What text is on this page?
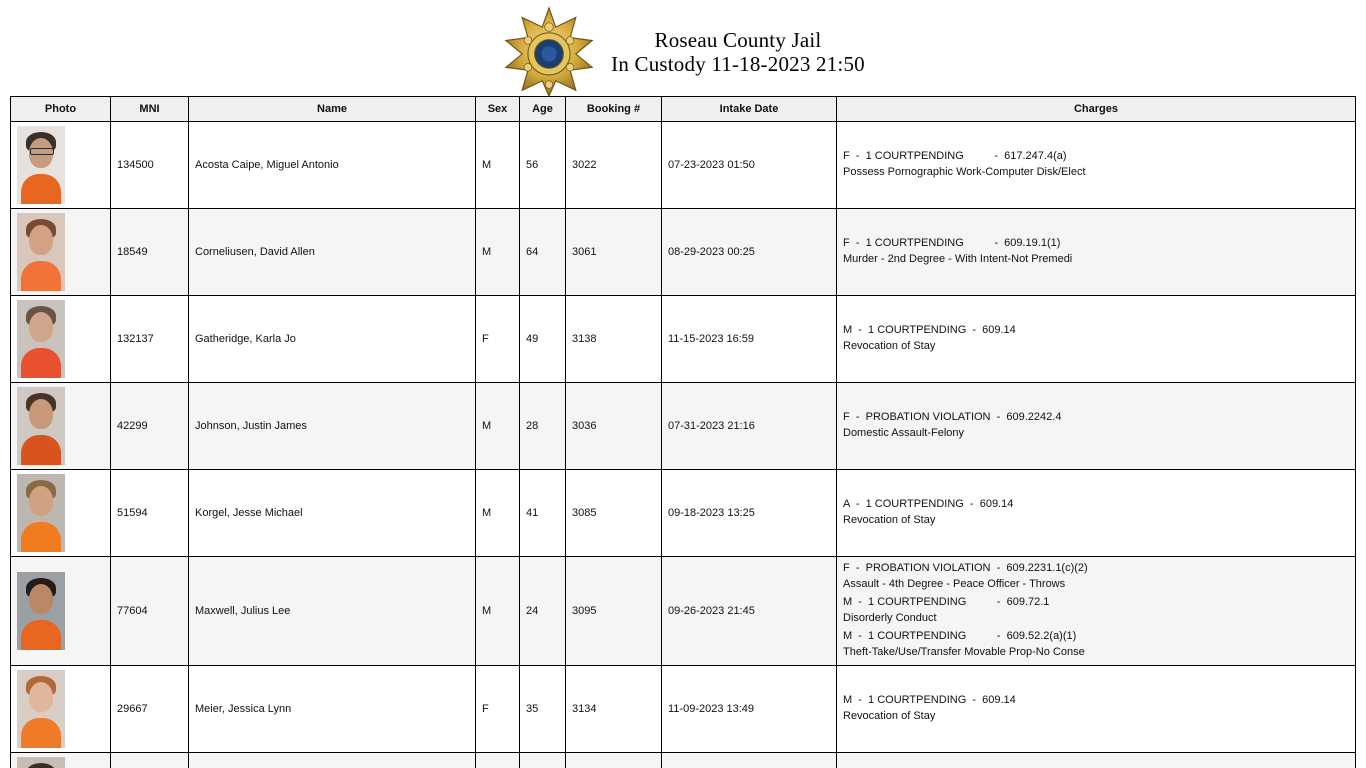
Roseau County Jail
In Custody 11-18-2023 21:50
Photo	MNI	Name	Sex	Age	Booking #	Intake Date	Charges

	134500	Acosta Caipe, Miguel Antonio	M	56	3022	07-23-2023 01:50	F  -  1 COURTPENDING          -  617.247.4(a)
Possess Pornographic Work-Computer Disk/Elect

	18549	Corneliusen, David Allen	M	64	3061	08-29-2023 00:25	F  -  1 COURTPENDING          -  609.19.1(1)
Murder - 2nd Degree - With Intent-Not Premedi

	132137	Gatheridge, Karla Jo	F	49	3138	11-15-2023 16:59	M  -  1 COURTPENDING  -  609.14
Revocation of Stay

	42299	Johnson, Justin James	M	28	3036	07-31-2023 21:16	F  -  PROBATION VIOLATION  -  609.2242.4
Domestic Assault-Felony

	51594	Korgel, Jesse Michael	M	41	3085	09-18-2023 13:25	A  -  1 COURTPENDING  -  609.14
Revocation of Stay

	77604	Maxwell, Julius Lee	M	24	3095	09-26-2023 21:45	
F  -  PROBATION VIOLATION  -  609.2231.1(c)(2)
Assault - 4th Degree - Peace Officer - Throws
M  -  1 COURTPENDING          -  609.72.1
Disorderly Conduct
M  -  1 COURTPENDING          -  609.52.2(a)(1)
Theft-Take/Use/Transfer Movable Prop-No Conse

	29667	Meier, Jessica Lynn	F	35	3134	11-09-2023 13:49	M  -  1 COURTPENDING  -  609.14
Revocation of Stay
